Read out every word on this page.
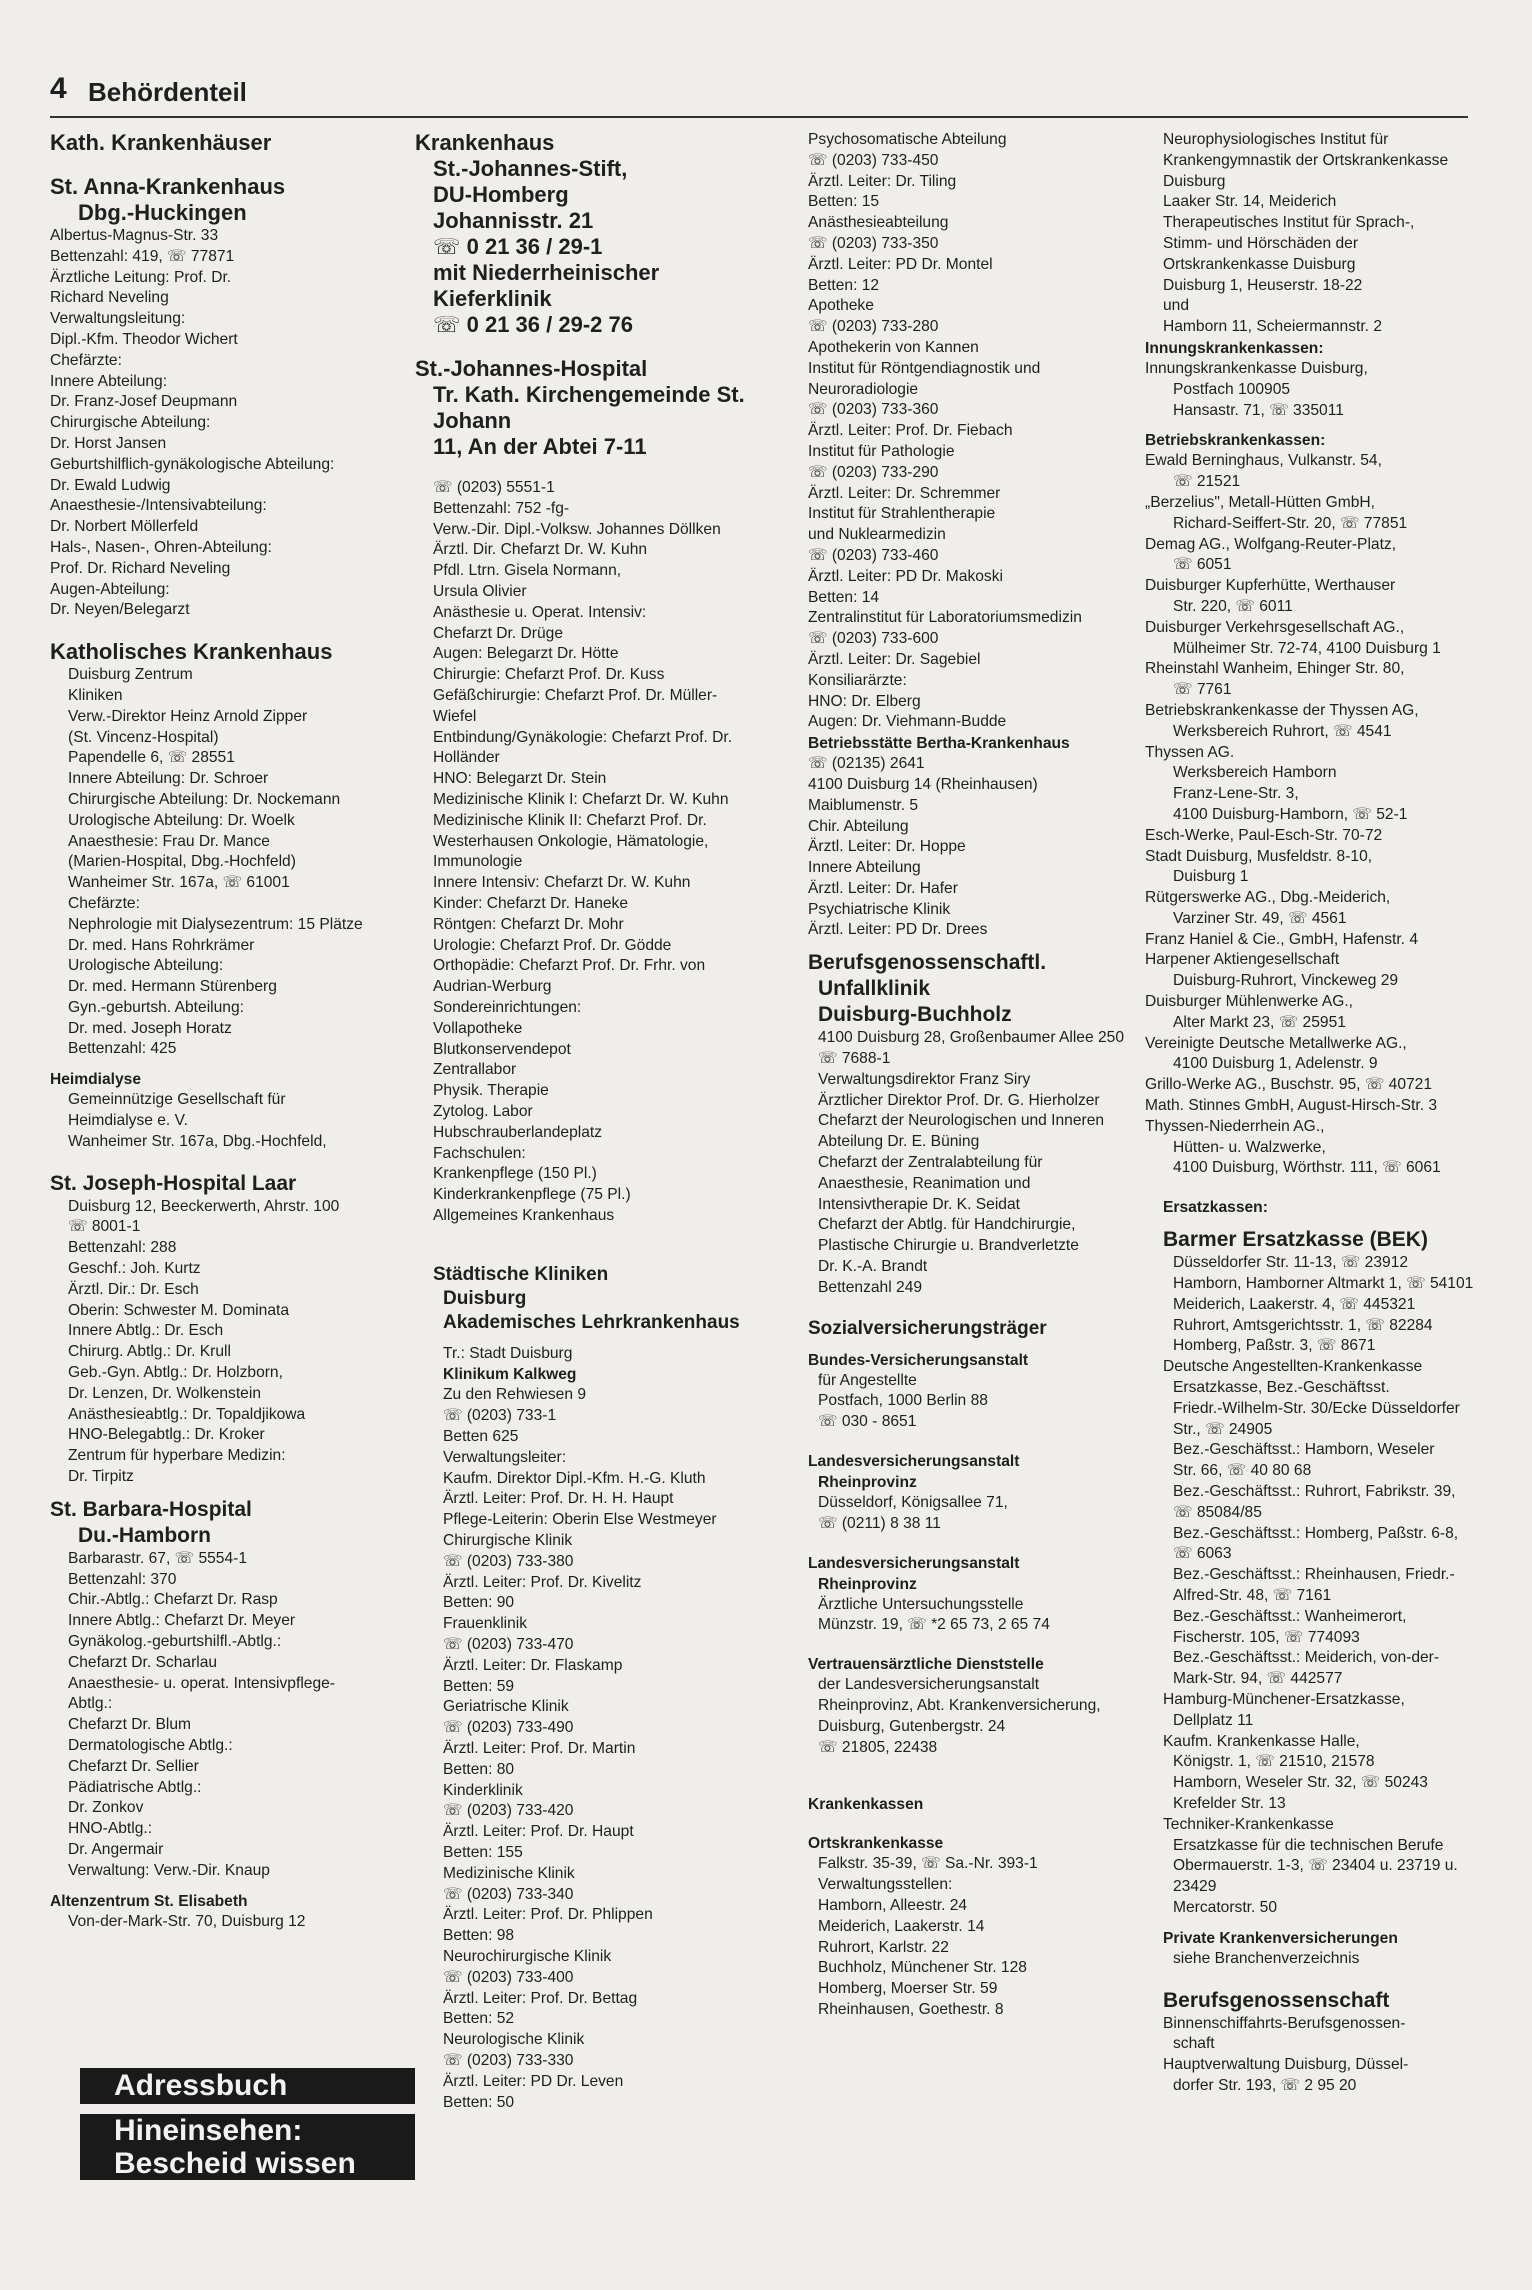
4 Behördenteil
Kath. Krankenhäuser
St. Anna-Krankenhaus
Dbg.-Huckingen
Albertus-Magnus-Str. 33
Bettenzahl: 419, ☏ 77871
Ärztliche Leitung: Prof. Dr.
Richard Neveling
Verwaltungsleitung:
Dipl.-Kfm. Theodor Wichert
Chefärzte:
Innere Abteilung:
Dr. Franz-Josef Deupmann
Chirurgische Abteilung:
Dr. Horst Jansen
Geburtshilflich-gynäkologische Abteilung:
Dr. Ewald Ludwig
Anaesthesie-/Intensivabteilung:
Dr. Norbert Möllerfeld
Hals-, Nasen-, Ohren-Abteilung:
Prof. Dr. Richard Neveling
Augen-Abteilung:
Dr. Neyen/Belegarzt
Katholisches Krankenhaus
Duisburg Zentrum
Kliniken
Verw.-Direktor Heinz Arnold Zipper
(St. Vincenz-Hospital)
Papendelle 6, ☏ 28551
Innere Abteilung: Dr. Schroer
Chirurgische Abteilung: Dr. Nockemann
Urologische Abteilung: Dr. Woelk
Anaesthesie: Frau Dr. Mance
(Marien-Hospital, Dbg.-Hochfeld)
Wanheimer Str. 167a, ☏ 61001
Chefärzte:
Nephrologie mit Dialysezentrum: 15 Plätze
Dr. med. Hans Rohrkrämer
Urologische Abteilung:
Dr. med. Hermann Stürenberg
Gyn.-geburtsh. Abteilung:
Dr. med. Joseph Horatz
Bettenzahl: 425
Heimdialyse
Gemeinnützige Gesellschaft für
Heimdialyse e. V.
Wanheimer Str. 167a, Dbg.-Hochfeld,
St. Joseph-Hospital Laar
Duisburg 12, Beeckerwerth, Ahrstr. 100
☏ 8001-1
Bettenzahl: 288
Geschf.: Joh. Kurtz
Ärztl. Dir.: Dr. Esch
Oberin: Schwester M. Dominata
Innere Abtlg.: Dr. Esch
Chirurg. Abtlg.: Dr. Krull
Geb.-Gyn. Abtlg.: Dr. Holzborn,
Dr. Lenzen, Dr. Wolkenstein
Anästhesieabtlg.: Dr. Topaldjikowa
HNO-Belegabtlg.: Dr. Kroker
Zentrum für hyperbare Medizin:
Dr. Tirpitz
St. Barbara-Hospital
Du.-Hamborn
Barbarastr. 67, ☏ 5554-1
Bettenzahl: 370
Chir.-Abtlg.: Chefarzt Dr. Rasp
Innere Abtlg.: Chefarzt Dr. Meyer
Gynäkolog.-geburtshilfl.-Abtlg.:
Chefarzt Dr. Scharlau
Anaesthesie- u. operat. Intensivpflege-
Abtlg.:
Chefarzt Dr. Blum
Dermatologische Abtlg.:
Chefarzt Dr. Sellier
Pädiatrische Abtlg.:
Dr. Zonkov
HNO-Abtlg.:
Dr. Angermair
Verwaltung: Verw.-Dir. Knaup
Altenzentrum St. Elisabeth
Von-der-Mark-Str. 70, Duisburg 12
Krankenhaus
St.-Johannes-Stift,
DU-Homberg
Johannisstr. 21
☏ 0 21 36 / 29-1
mit Niederrheinischer
Kieferklinik
☏ 0 21 36 / 29-2 76
St.-Johannes-Hospital
Tr. Kath. Kirchengemeinde St.
Johann
11, An der Abtei 7-11
☏ (0203) 5551-1
Bettenzahl: 752 -fg-
Verw.-Dir. Dipl.-Volksw. Johannes Döllken
Ärztl. Dir. Chefarzt Dr. W. Kuhn
Pfdl. Ltrn. Gisela Normann,
Ursula Olivier
Anästhesie u. Operat. Intensiv:
Chefarzt Dr. Drüge
Augen: Belegarzt Dr. Hötte
Chirurgie: Chefarzt Prof. Dr. Kuss
Gefäßchirurgie: Chefarzt Prof. Dr. Müller-
Wiefel
Entbindung/Gynäkologie: Chefarzt Prof. Dr.
Holländer
HNO: Belegarzt Dr. Stein
Medizinische Klinik I: Chefarzt Dr. W. Kuhn
Medizinische Klinik II: Chefarzt Prof. Dr.
Westerhausen Onkologie, Hämatologie,
Immunologie
Innere Intensiv: Chefarzt Dr. W. Kuhn
Kinder: Chefarzt Dr. Haneke
Röntgen: Chefarzt Dr. Mohr
Urologie: Chefarzt Prof. Dr. Gödde
Orthopädie: Chefarzt Prof. Dr. Frhr. von
Audrian-Werburg
Sondereinrichtungen:
Vollapotheke
Blutkonservendepot
Zentrallabor
Physik. Therapie
Zytolog. Labor
Hubschrauberlandeplatz
Fachschulen:
Krankenpflege (150 Pl.)
Kinderkrankenpflege (75 Pl.)
Allgemeines Krankenhaus
Städtische Kliniken
Duisburg
Akademisches Lehrkrankenhaus
Tr.: Stadt Duisburg
Klinikum Kalkweg
Zu den Rehwiesen 9
☏ (0203) 733-1
Betten 625
Verwaltungsleiter:
Kaufm. Direktor Dipl.-Kfm. H.-G. Kluth
Ärztl. Leiter: Prof. Dr. H. H. Haupt
Pflege-Leiterin: Oberin Else Westmeyer
Chirurgische Klinik
☏ (0203) 733-380
Ärztl. Leiter: Prof. Dr. Kivelitz
Betten: 90
Frauenklinik
☏ (0203) 733-470
Ärztl. Leiter: Dr. Flaskamp
Betten: 59
Geriatrische Klinik
☏ (0203) 733-490
Ärztl. Leiter: Prof. Dr. Martin
Betten: 80
Kinderklinik
☏ (0203) 733-420
Ärztl. Leiter: Prof. Dr. Haupt
Betten: 155
Medizinische Klinik
☏ (0203) 733-340
Ärztl. Leiter: Prof. Dr. Phlippen
Betten: 98
Neurochirurgische Klinik
☏ (0203) 733-400
Ärztl. Leiter: Prof. Dr. Bettag
Betten: 52
Neurologische Klinik
☏ (0203) 733-330
Ärztl. Leiter: PD Dr. Leven
Betten: 50
Psychosomatische Abteilung
☏ (0203) 733-450
Ärztl. Leiter: Dr. Tiling
Betten: 15
Anästhesieabteilung
☏ (0203) 733-350
Ärztl. Leiter: PD Dr. Montel
Betten: 12
Apotheke
☏ (0203) 733-280
Apothekerin von Kannen
Institut für Röntgendiagnostik und
Neuroradiologie
☏ (0203) 733-360
Ärztl. Leiter: Prof. Dr. Fiebach
Institut für Pathologie
☏ (0203) 733-290
Ärztl. Leiter: Dr. Schremmer
Institut für Strahlentherapie
und Nuklearmedizin
☏ (0203) 733-460
Ärztl. Leiter: PD Dr. Makoski
Betten: 14
Zentralinstitut für Laboratoriumsmedizin
☏ (0203) 733-600
Ärztl. Leiter: Dr. Sagebiel
Konsiliarärzte:
HNO: Dr. Elberg
Augen: Dr. Viehmann-Budde
Betriebsstätte Bertha-Krankenhaus
☏ (02135) 2641
4100 Duisburg 14 (Rheinhausen)
Maiblumenstr. 5
Chir. Abteilung
Ärztl. Leiter: Dr. Hoppe
Innere Abteilung
Ärztl. Leiter: Dr. Hafer
Psychiatrische Klinik
Ärztl. Leiter: PD Dr. Drees
Berufsgenossenschaftl.
Unfallklinik
Duisburg-Buchholz
4100 Duisburg 28, Großenbaumer Allee 250
☏ 7688-1
Verwaltungsdirektor Franz Siry
Ärztlicher Direktor Prof. Dr. G. Hierholzer
Chefarzt der Neurologischen und Inneren
Abteilung Dr. E. Büning
Chefarzt der Zentralabteilung für
Anaesthesie, Reanimation und
Intensivtherapie Dr. K. Seidat
Chefarzt der Abtlg. für Handchirurgie,
Plastische Chirurgie u. Brandverletzte
Dr. K.-A. Brandt
Bettenzahl 249
Sozialversicherungsträger
Bundes-Versicherungsanstalt
für Angestellte
Postfach, 1000 Berlin 88
☏ 030 - 8651
Landesversicherungsanstalt
Rheinprovinz
Düsseldorf, Königsallee 71,
☏ (0211) 8 38 11
Landesversicherungsanstalt
Rheinprovinz
Ärztliche Untersuchungsstelle
Münzstr. 19, ☏ *2 65 73, 2 65 74
Vertrauensärztliche Dienststelle
der Landesversicherungsanstalt
Rheinprovinz, Abt. Krankenversicherung,
Duisburg, Gutenbergstr. 24
☏ 21805, 22438
Krankenkassen
Ortskrankenkasse
Falkstr. 35-39, ☏ Sa.-Nr. 393-1
Verwaltungsstellen:
Hamborn, Alleestr. 24
Meiderich, Laakerstr. 14
Ruhrort, Karlstr. 22
Buchholz, Münchener Str. 128
Homberg, Moerser Str. 59
Rheinhausen, Goethestr. 8
Neurophysiologisches Institut für
Krankengymnastik der Ortskrankenkasse
Duisburg
Laaker Str. 14, Meiderich
Therapeutisches Institut für Sprach-,
Stimm- und Hörschäden der
Ortskrankenkasse Duisburg
Duisburg 1, Heuserstr. 18-22
und
Hamborn 11, Scheiermannstr. 2
Innungskrankenkassen:
Innungskrankenkasse Duisburg,
Postfach 100905
Hansastr. 71, ☏ 335011
Betriebskrankenkassen:
Ewald Berninghaus, Vulkanstr. 54,
☏ 21521
„Berzelius", Metall-Hütten GmbH,
Richard-Seiffert-Str. 20, ☏ 77851
Demag AG., Wolfgang-Reuter-Platz,
☏ 6051
Duisburger Kupferhütte, Werthauser
Str. 220, ☏ 6011
Duisburger Verkehrsgesellschaft AG.,
Mülheimer Str. 72-74, 4100 Duisburg 1
Rheinstahl Wanheim, Ehinger Str. 80,
☏ 7761
Betriebskrankenkasse der Thyssen AG,
Werksbereich Ruhrort, ☏ 4541
Thyssen AG.
Werksbereich Hamborn
Franz-Lene-Str. 3,
4100 Duisburg-Hamborn, ☏ 52-1
Esch-Werke, Paul-Esch-Str. 70-72
Stadt Duisburg, Musfeldstr. 8-10,
Duisburg 1
Rütgerswerke AG., Dbg.-Meiderich,
Varziner Str. 49, ☏ 4561
Franz Haniel & Cie., GmbH, Hafenstr. 4
Harpener Aktiengesellschaft
Duisburg-Ruhrort, Vinckeweg 29
Duisburger Mühlenwerke AG.,
Alter Markt 23, ☏ 25951
Vereinigte Deutsche Metallwerke AG.,
4100 Duisburg 1, Adelenstr. 9
Grillo-Werke AG., Buschstr. 95, ☏ 40721
Math. Stinnes GmbH, August-Hirsch-Str. 3
Thyssen-Niederrhein AG.,
Hütten- u. Walzwerke,
4100 Duisburg, Wörthstr. 111, ☏ 6061
Ersatzkassen:
Barmer Ersatzkasse (BEK)
Düsseldorfer Str. 11-13, ☏ 23912
Hamborn, Hamborner Altmarkt 1, ☏ 54101
Meiderich, Laakerstr. 4, ☏ 445321
Ruhrort, Amtsgerichtsstr. 1, ☏ 82284
Homberg, Paßstr. 3, ☏ 8671
Deutsche Angestellten-Krankenkasse
Ersatzkasse, Bez.-Geschäftsst.
Friedr.-Wilhelm-Str. 30/Ecke Düsseldorfer
Str., ☏ 24905
Bez.-Geschäftsst.: Hamborn, Weseler
Str. 66, ☏ 40 80 68
Bez.-Geschäftsst.: Ruhrort, Fabrikstr. 39,
☏ 85084/85
Bez.-Geschäftsst.: Homberg, Paßstr. 6-8,
☏ 6063
Bez.-Geschäftsst.: Rheinhausen, Friedr.-
Alfred-Str. 48, ☏ 7161
Bez.-Geschäftsst.: Wanheimerort,
Fischerstr. 105, ☏ 774093
Bez.-Geschäftsst.: Meiderich, von-der-
Mark-Str. 94, ☏ 442577
Hamburg-Münchener-Ersatzkasse,
Dellplatz 11
Kaufm. Krankenkasse Halle,
Königstr. 1, ☏ 21510, 21578
Hamborn, Weseler Str. 32, ☏ 50243
Krefelder Str. 13
Techniker-Krankenkasse
Ersatzkasse für die technischen Berufe
Obermauerstr. 1-3, ☏ 23404 u. 23719 u.
23429
Mercatorstr. 50
Private Krankenversicherungen
siehe Branchenverzeichnis
Berufsgenossenschaft
Binnenschiffahrts-Berufsgenossen-
schaft
Hauptverwaltung Duisburg, Düssel-
dorfer Str. 193, ☏ 2 95 20
Adressbuch
Hineinsehen:
Bescheid wissen
